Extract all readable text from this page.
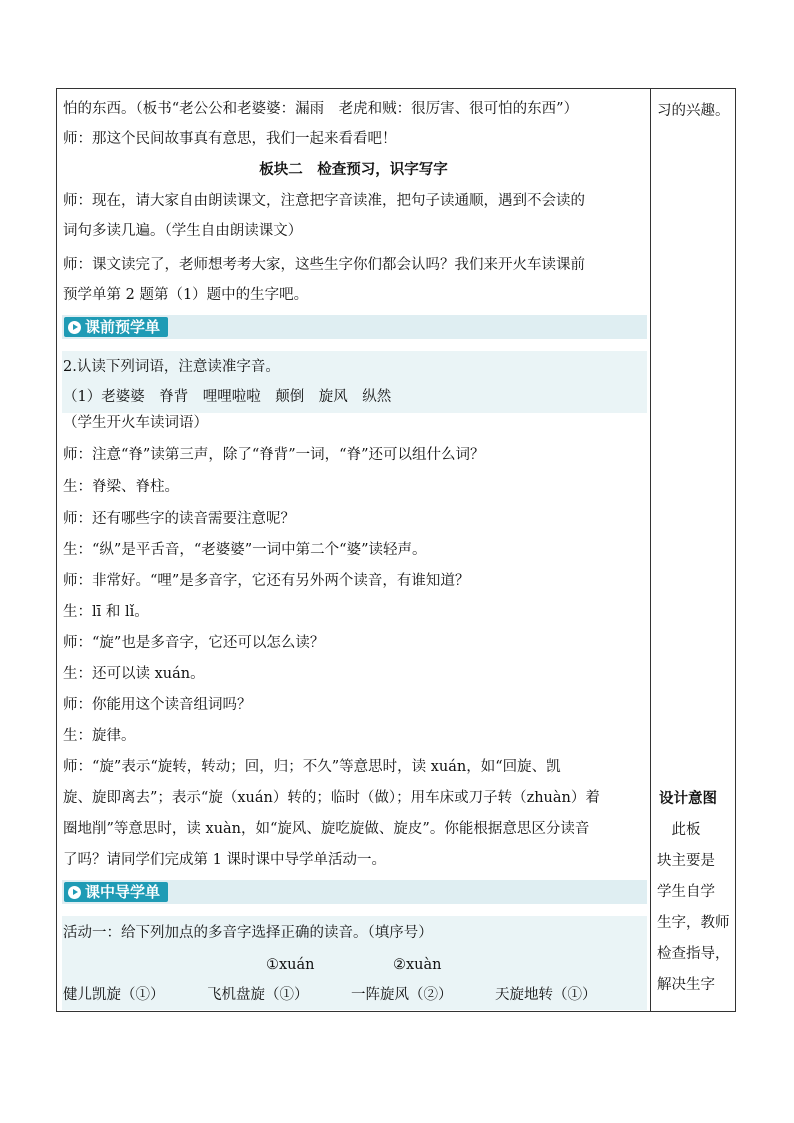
怕的东西。（板书“老公公和老婆婆：漏雨　老虎和贼：很厉害、很可怕的东西”）
师：那这个民间故事真有意思，我们一起来看看吧！
板块二　检查预习，识字写字
师：现在，请大家自由朗读课文，注意把字音读准，把句子读通顺，遇到不会读的
词句多读几遍。（学生自由朗读课文）
师：课文读完了，老师想考考大家，这些生字你们都会认吗？我们来开火车读课前
预学单第 2 题第（1）题中的生字吧。
课前预学单
2.认读下列词语，注意读准字音。
（1）老婆婆　脊背　哩哩啦啦　颠倒　旋风　纵然
（学生开火车读词语）
师：注意“脊”读第三声，除了“脊背”一词，“脊”还可以组什么词？
生：脊梁、脊柱。
师：还有哪些字的读音需要注意呢？
生：“纵”是平舌音，“老婆婆”一词中第二个“婆”读轻声。
师：非常好。“哩”是多音字，它还有另外两个读音，有谁知道？
生：lī 和 lǐ。
师：“旋”也是多音字，它还可以怎么读？
生：还可以读 xuán。
师：你能用这个读音组词吗？
生：旋律。
师：“旋”表示“旋转，转动；回，归；不久”等意思时，读 xuán，如“回旋、凯
旋、旋即离去”；表示“旋（xuán）转的；临时（做）；用车床或刀子转（zhuàn）着
圈地削”等意思时，读 xuàn，如“旋风、旋吃旋做、旋皮”。你能根据意思区分读音
了吗？请同学们完成第 1 课时课中导学单活动一。
课中导学单
活动一：给下列加点的多音字选择正确的读音。（填序号）
①xuán	②xuàn
健儿凯旋（①）	飞机盘旋（①）	一阵旋风（②）	天旋地转（①）
习的兴趣。
设计意图
　此板
块主要是
学生自学
生字，教师
检查指导，
解决生字
